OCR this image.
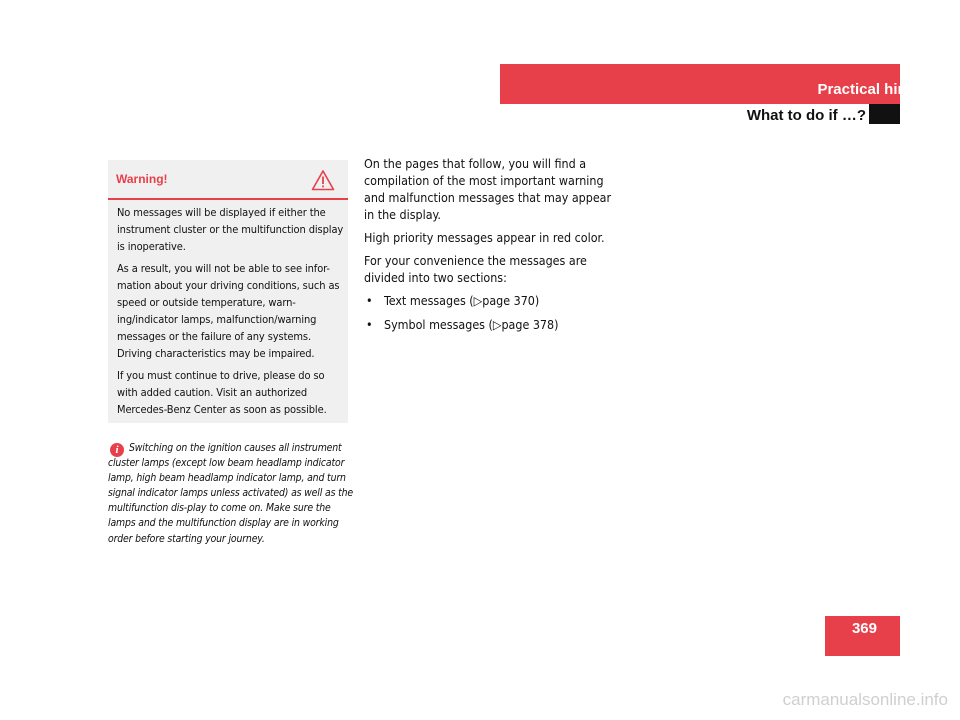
Practical hints
What to do if …?
Warning!

No messages will be displayed if either the instrument cluster or the multifunction display is inoperative.

As a result, you will not be able to see infor-mation about your driving conditions, such as speed or outside temperature, warn-ing/indicator lamps, malfunction/warning messages or the failure of any systems. Driving characteristics may be impaired.

If you must continue to drive, please do so with added caution. Visit an authorized Mercedes-Benz Center as soon as possible.

i	Switching on the ignition causes all instrument cluster lamps (except low beam headlamp indicator lamp, high beam headlamp indicator lamp, and turn signal indicator lamps unless activated) as well as the multifunction dis-play to come on. Make sure the lamps and the multifunction display are in working order before starting your journey.

On the pages that follow, you will find a compilation of the most important warning and malfunction messages that may appear in the display.

High priority messages appear in red color.

For your convenience the messages are divided into two sections:

• Text messages (▷page 370)
• Symbol messages (▷page 378)
369
carmanualsonline.info
